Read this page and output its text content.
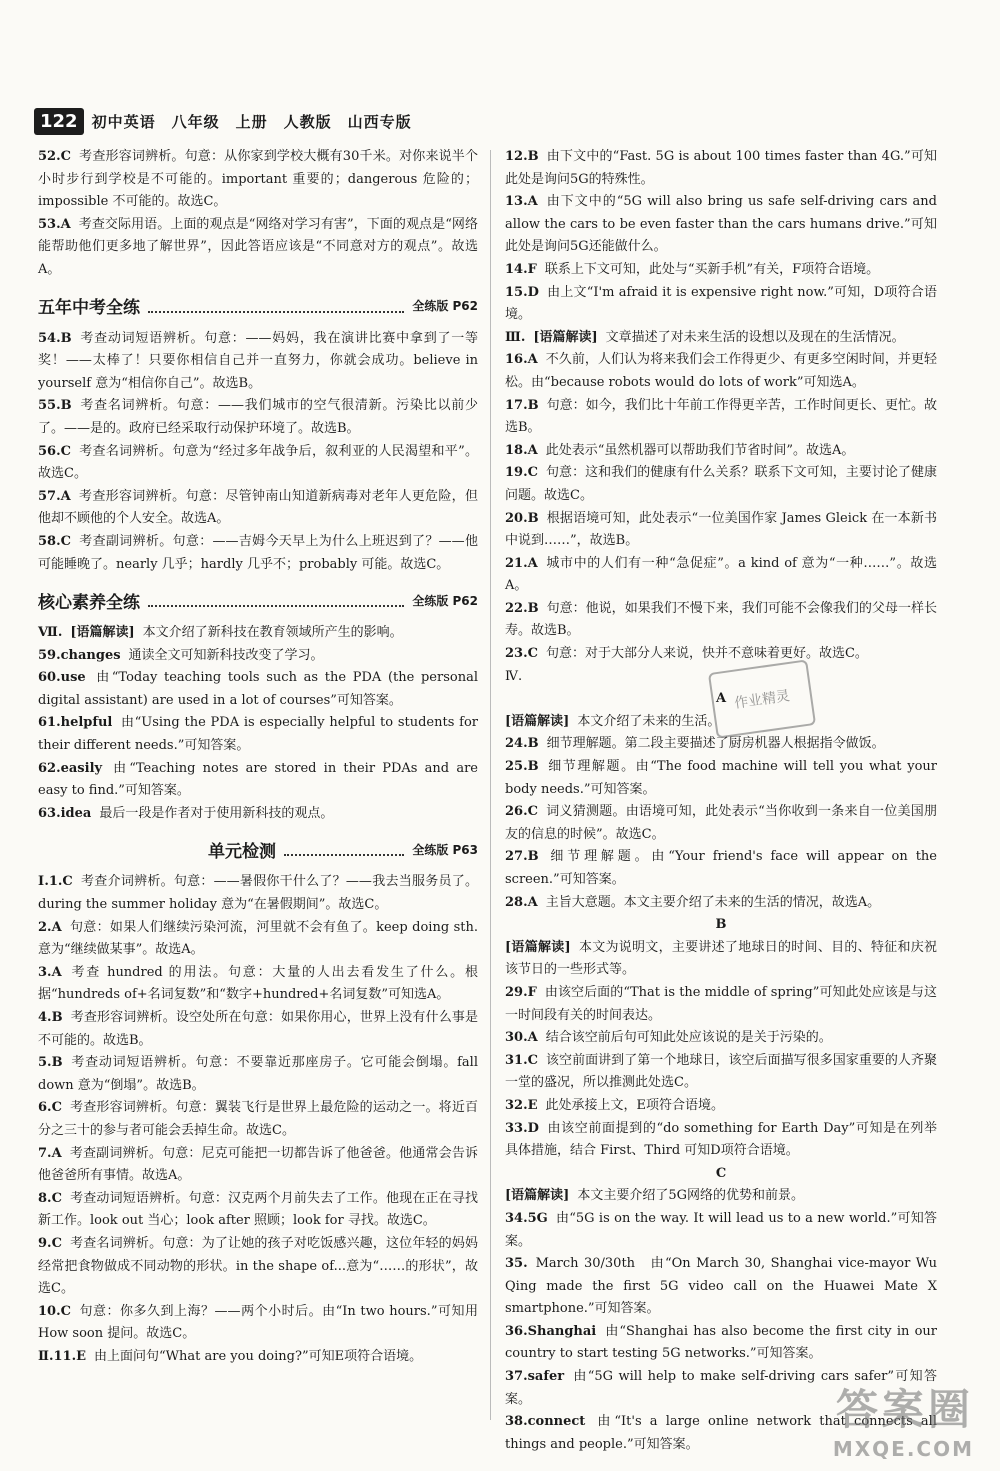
122 初中英语　八年级　上册　人教版　山西专版
52.C 考查形容词辨析。句意：从你家到学校大概有30千米。对你来说半个小时步行到学校是不可能的。important 重要的；dangerous 危险的；impossible 不可能的。故选C。
53.A 考查交际用语。上面的观点是“网络对学习有害”，下面的观点是“网络能帮助他们更多地了解世界”，因此答语应该是“不同意对方的观点”。故选A。
五年中考全练	全练版 P62
54.B 考查动词短语辨析。句意：——妈妈，我在演讲比赛中拿到了一等奖！——太棒了！只要你相信自己并一直努力，你就会成功。believe in yourself 意为“相信你自己”。故选B。
55.B 考查名词辨析。句意：——我们城市的空气很清新。污染比以前少了。——是的。政府已经采取行动保护环境了。故选B。
56.C 考查名词辨析。句意为“经过多年战争后，叙利亚的人民渴望和平”。故选C。
57.A 考查形容词辨析。句意：尽管钟南山知道新病毒对老年人更危险，但他却不顾他的个人安全。故选A。
58.C 考查副词辨析。句意：——吉姆今天早上为什么上班迟到了？——他可能睡晚了。nearly 几乎；hardly 几乎不；probably 可能。故选C。
核心素养全练	全练版 P62
Ⅶ. [语篇解读] 本文介绍了新科技在教育领域所产生的影响。
59.changes 通读全文可知新科技改变了学习。
60.use 由“Today teaching tools such as the PDA (the personal digital assistant) are used in a lot of courses”可知答案。
61.helpful 由“Using the PDA is especially helpful to students for their different needs.”可知答案。
62.easily 由“Teaching notes are stored in their PDAs and are easy to find.”可知答案。
63.idea 最后一段是作者对于使用新科技的观点。
单元检测	全练版 P63
Ⅰ.1.C 考查介词辨析。句意：——暑假你干什么了？——我去当服务员了。during the summer holiday 意为“在暑假期间”。故选C。
2.A 句意：如果人们继续污染河流，河里就不会有鱼了。keep doing sth.意为“继续做某事”。故选A。
3.A 考查 hundred 的用法。句意：大量的人出去看发生了什么。根据“hundreds of+名词复数”和“数字+hundred+名词复数”可知选A。
4.B 考查形容词辨析。设空处所在句意：如果你用心，世界上没有什么事是不可能的。故选B。
5.B 考查动词短语辨析。句意：不要靠近那座房子。它可能会倒塌。fall down 意为“倒塌”。故选B。
6.C 考查形容词辨析。句意：翼装飞行是世界上最危险的运动之一。将近百分之三十的参与者可能会丢掉生命。故选C。
7.A 考查副词辨析。句意：尼克可能把一切都告诉了他爸爸。他通常会告诉他爸爸所有事情。故选A。
8.C 考查动词短语辨析。句意：汉克两个月前失去了工作。他现在正在寻找新工作。look out 当心；look after 照顾；look for 寻找。故选C。
9.C 考查名词辨析。句意：为了让她的孩子对吃饭感兴趣，这位年轻的妈妈经常把食物做成不同动物的形状。in the shape of...意为“……的形状”，故选C。
10.C 句意：你多久到上海？——两个小时后。由“In two hours.”可知用 How soon 提问。故选C。
Ⅱ.11.E 由上面问句“What are you doing?”可知E项符合语境。
12.B 由下文中的“Fast. 5G is about 100 times faster than 4G.”可知此处是询问5G的特殊性。
13.A 由下文中的“5G will also bring us safe self-driving cars and allow the cars to be even faster than the cars humans drive.”可知此处是询问5G还能做什么。
14.F 联系上下文可知，此处与“买新手机”有关，F项符合语境。
15.D 由上文“I'm afraid it is expensive right now.”可知，D项符合语境。
Ⅲ. [语篇解读] 文章描述了对未来生活的设想以及现在的生活情况。
16.A 不久前，人们认为将来我们会工作得更少、有更多空闲时间，并更轻松。由“because robots would do lots of work”可知选A。
17.B 句意：如今，我们比十年前工作得更辛苦，工作时间更长、更忙。故选B。
18.A 此处表示“虽然机器可以帮助我们节省时间”。故选A。
19.C 句意：这和我们的健康有什么关系？联系下文可知，主要讨论了健康问题。故选C。
20.B 根据语境可知，此处表示“一位美国作家 James Gleick 在一本新书中说到……”，故选B。
21.A 城市中的人们有一种“急促症”。a kind of 意为“一种……”。故选A。
22.B 句意：他说，如果我们不慢下来，我们可能不会像我们的父母一样长寿。故选B。
23.C 句意：对于大部分人来说，快并不意味着更好。故选C。
Ⅳ.
A
[语篇解读] 本文介绍了未来的生活。
24.B 细节理解题。第二段主要描述了厨房机器人根据指令做饭。
25.B 细节理解题。由“The food machine will tell you what your body needs.”可知答案。
26.C 词义猜测题。由语境可知，此处表示“当你收到一条来自一位美国朋友的信息的时候”。故选C。
27.B 细节理解题。由“Your friend's face will appear on the screen.”可知答案。
28.A 主旨大意题。本文主要介绍了未来的生活的情况，故选A。
B
[语篇解读] 本文为说明文，主要讲述了地球日的时间、目的、特征和庆祝该节日的一些形式等。
29.F 由该空后面的“That is the middle of spring”可知此处应该是与这一时间段有关的时间表达。
30.A 结合该空前后句可知此处应该说的是关于污染的。
31.C 该空前面讲到了第一个地球日，该空后面描写很多国家重要的人齐聚一堂的盛况，所以推测此处选C。
32.E 此处承接上文，E项符合语境。
33.D 由该空前面提到的“do something for Earth Day”可知是在列举具体措施，结合 First、Third 可知D项符合语境。
C
[语篇解读] 本文主要介绍了5G网络的优势和前景。
34.5G 由“5G is on the way. It will lead us to a new world.”可知答案。
35. March 30/30th　由“On March 30, Shanghai vice-mayor Wu Qing made the first 5G video call on the Huawei Mate X smartphone.”可知答案。
36.Shanghai 由“Shanghai has also become the first city in our country to start testing 5G networks.”可知答案。
37.safer 由“5G will help to make self-driving cars safer”可知答案。
38.connect 由“It's a large online network that connects all things and people.”可知答案。
作业精灵
答案圈
MXQE.COM
